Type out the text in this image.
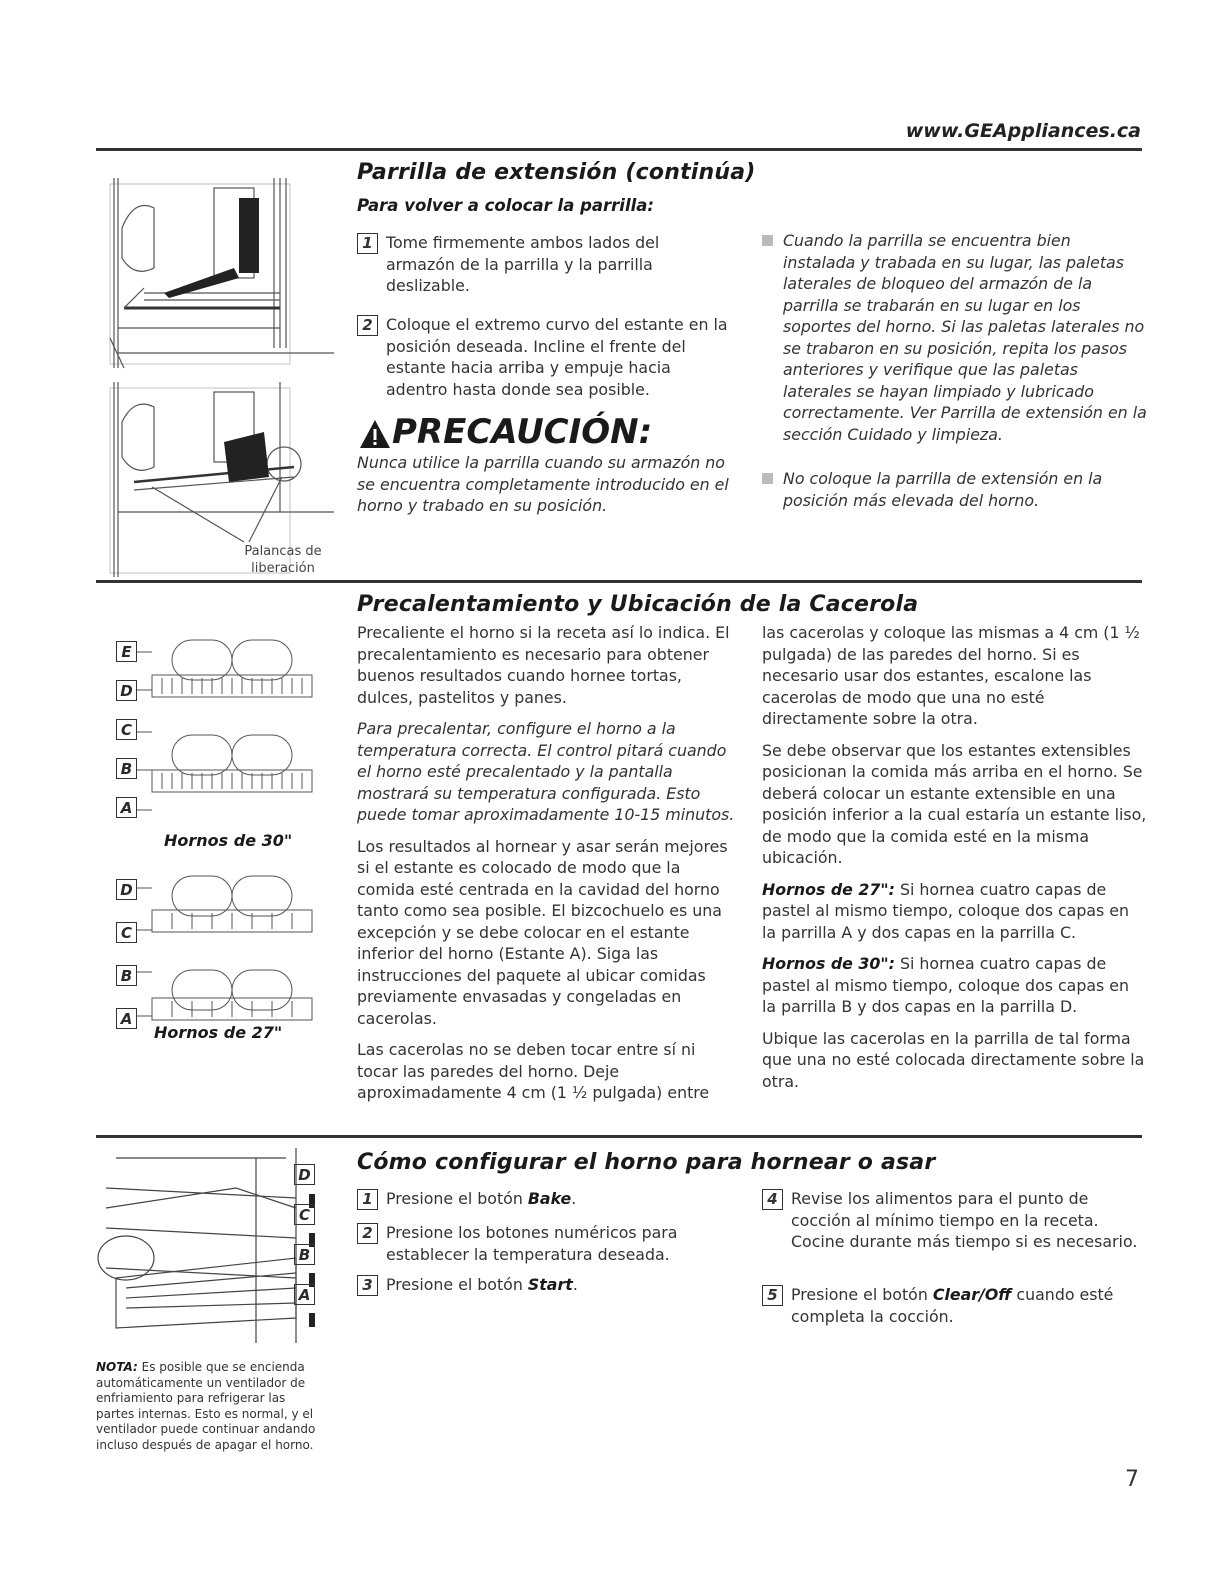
www.GEAppliances.ca
Palancas de liberación
Parrilla de extensión (continúa)
Para volver a colocar la parrilla:
1 Tome firmemente ambos lados del armazón de la parrilla y la parrilla deslizable.
2 Coloque el extremo curvo del estante en la posición deseada. Incline el frente del estante hacia arriba y empuje hacia adentro hasta donde sea posible.
PRECAUCIÓN:
Nunca utilice la parrilla cuando su armazón no se encuentra completamente introducido en el horno y trabado en su posición.
Cuando la parrilla se encuentra bien instalada y trabada en su lugar, las paletas laterales de bloqueo del armazón de la parrilla se trabarán en su lugar en los soportes del horno. Si las paletas laterales no se trabaron en su posición, repita los pasos anteriores y verifique que las paletas laterales se hayan limpiado y lubricado correctamente. Ver Parrilla de extensión en la sección Cuidado y limpieza.
No coloque la parrilla de extensión en la posición más elevada del horno.
E
D
C
B
A
Hornos de 30"
D
C
B
A
Hornos de 27"
Precalentamiento y Ubicación de la Cacerola

Precaliente el horno si la receta así lo indica. El precalentamiento es necesario para obtener buenos resultados cuando hornee tortas, dulces, pastelitos y panes.

Para precalentar, configure el horno a la temperatura correcta. El control pitará cuando el horno esté precalentado y la pantalla mostrará su temperatura configurada. Esto puede tomar aproximadamente 10-15 minutos.

Los resultados al hornear y asar serán mejores si el estante es colocado de modo que la comida esté centrada en la cavidad del horno tanto como sea posible. El bizcochuelo es una excepción y se debe colocar en el estante inferior del horno (Estante A). Siga las instrucciones del paquete al ubicar comidas previamente envasadas y congeladas en cacerolas.

Las cacerolas no se deben tocar entre sí ni tocar las paredes del horno. Deje aproximadamente 4 cm (1 ½ pulgada) entre

las cacerolas y coloque las mismas a 4 cm (1 ½ pulgada) de las paredes del horno. Si es necesario usar dos estantes, escalone las cacerolas de modo que una no esté directamente sobre la otra.

Se debe observar que los estantes extensibles posicionan la comida más arriba en el horno. Se deberá colocar un estante extensible en una posición inferior a la cual estaría un estante liso, de modo que la comida esté en la misma ubicación.

Hornos de 27": Si hornea cuatro capas de pastel al mismo tiempo, coloque dos capas en la parrilla A y dos capas en la parrilla C.

Hornos de 30": Si hornea cuatro capas de pastel al mismo tiempo, coloque dos capas en la parrilla B y dos capas en la parrilla D.

Ubique las cacerolas en la parrilla de tal forma que una no esté colocada directamente sobre la otra.

D
C
B
A
NOTA: Es posible que se encienda automáticamente un ventilador de enfriamiento para refrigerar las partes internas. Esto es normal, y el ventilador puede continuar andando incluso después de apagar el horno.
Cómo configurar el horno para hornear o asar
1 Presione el botón Bake.
2 Presione los botones numéricos para establecer la temperatura deseada.
3 Presione el botón Start.
4 Revise los alimentos para el punto de cocción al mínimo tiempo en la receta. Cocine durante más tiempo si es necesario.
5 Presione el botón Clear/Off cuando esté completa la cocción.
7
